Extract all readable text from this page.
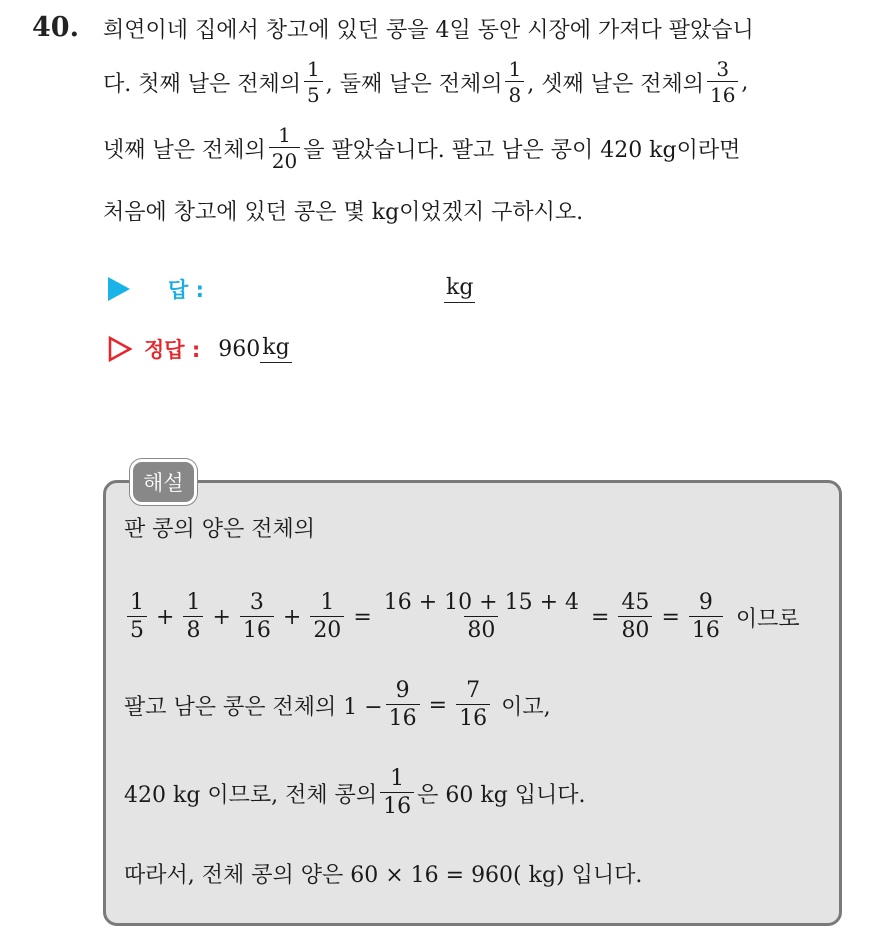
40. 희연이네 집에서 창고에 있던 콩을 4일 동안 시장에 가져다 팔았습니
다. 첫째 날은 전체의 $\frac{1}{5}$ , 둘째 날은 전체의 $\frac{1}{8}$ , 셋째 날은 전체의 $\frac{3}{16}$ ,
넷째 날은 전체의 $\frac{1}{20}$ 을 팔았습니다. 팔고 남은 콩이 420 kg이라면
처음에 창고에 있던 콩은 몇 kg이었겠지 구하시오.
답 :	kg
정답 : 960 kg
해설
판 콩의 양은 전체의
$\frac{1}{5} + \frac{1}{8} + \frac{3}{16} + \frac{1}{20} = \frac{16 + 10 + 15 + 4}{80} = \frac{45}{80} = \frac{9}{16}$ 이므로
팔고 남은 콩은 전체의 $1 - \frac{9}{16} = \frac{7}{16}$ 이고,
420 kg 이므로, 전체 콩의 $\frac{1}{16}$ 은 60 kg 입니다.
따라서, 전체 콩의 양은 60 × 16 = 960( kg) 입니다.
